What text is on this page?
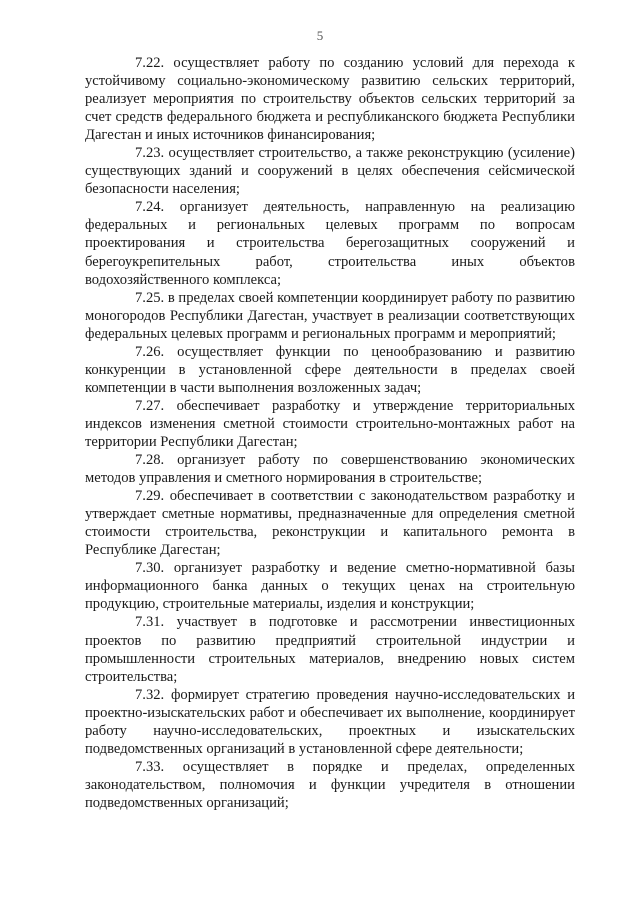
5

7.22. осуществляет работу по созданию условий для перехода к устойчивому социально-экономическому развитию сельских территорий, реализует мероприятия по строительству объектов сельских территорий за счет средств федерального бюджета и республиканского бюджета Республики Дагестан и иных источников финансирования;

7.23. осуществляет строительство, а также реконструкцию (усиление) существующих зданий и сооружений в целях обеспечения сейсмической безопасности населения;

7.24. организует деятельность, направленную на реализацию федеральных и региональных целевых программ по вопросам проектирования и строительства берегозащитных сооружений и берегоукрепительных работ, строительства иных объектов водохозяйственного комплекса;

7.25. в пределах своей компетенции координирует работу по развитию моногородов Республики Дагестан, участвует в реализации соответствующих федеральных целевых программ и региональных программ и мероприятий;

7.26. осуществляет функции по ценообразованию и развитию конкуренции в установленной сфере деятельности в пределах своей компетенции в части выполнения возложенных задач;

7.27. обеспечивает разработку и утверждение территориальных индексов изменения сметной стоимости строительно-монтажных работ на территории Республики Дагестан;

7.28. организует работу по совершенствованию экономических методов управления и сметного нормирования в строительстве;

7.29. обеспечивает в соответствии с законодательством разработку и утверждает сметные нормативы, предназначенные для определения сметной стоимости строительства, реконструкции и капитального ремонта в Республике Дагестан;

7.30. организует разработку и ведение сметно-нормативной базы информационного банка данных о текущих ценах на строительную продукцию, строительные материалы, изделия и конструкции;

7.31. участвует в подготовке и рассмотрении инвестиционных проектов по развитию предприятий строительной индустрии и промышленности строительных материалов, внедрению новых систем строительства;

7.32. формирует стратегию проведения научно-исследовательских и проектно-изыскательских работ и обеспечивает их выполнение, координирует работу научно-исследовательских, проектных и изыскательских подведомственных организаций в установленной сфере деятельности;

7.33. осуществляет в порядке и пределах, определенных законодательством, полномочия и функции учредителя в отношении подведомственных организаций;
